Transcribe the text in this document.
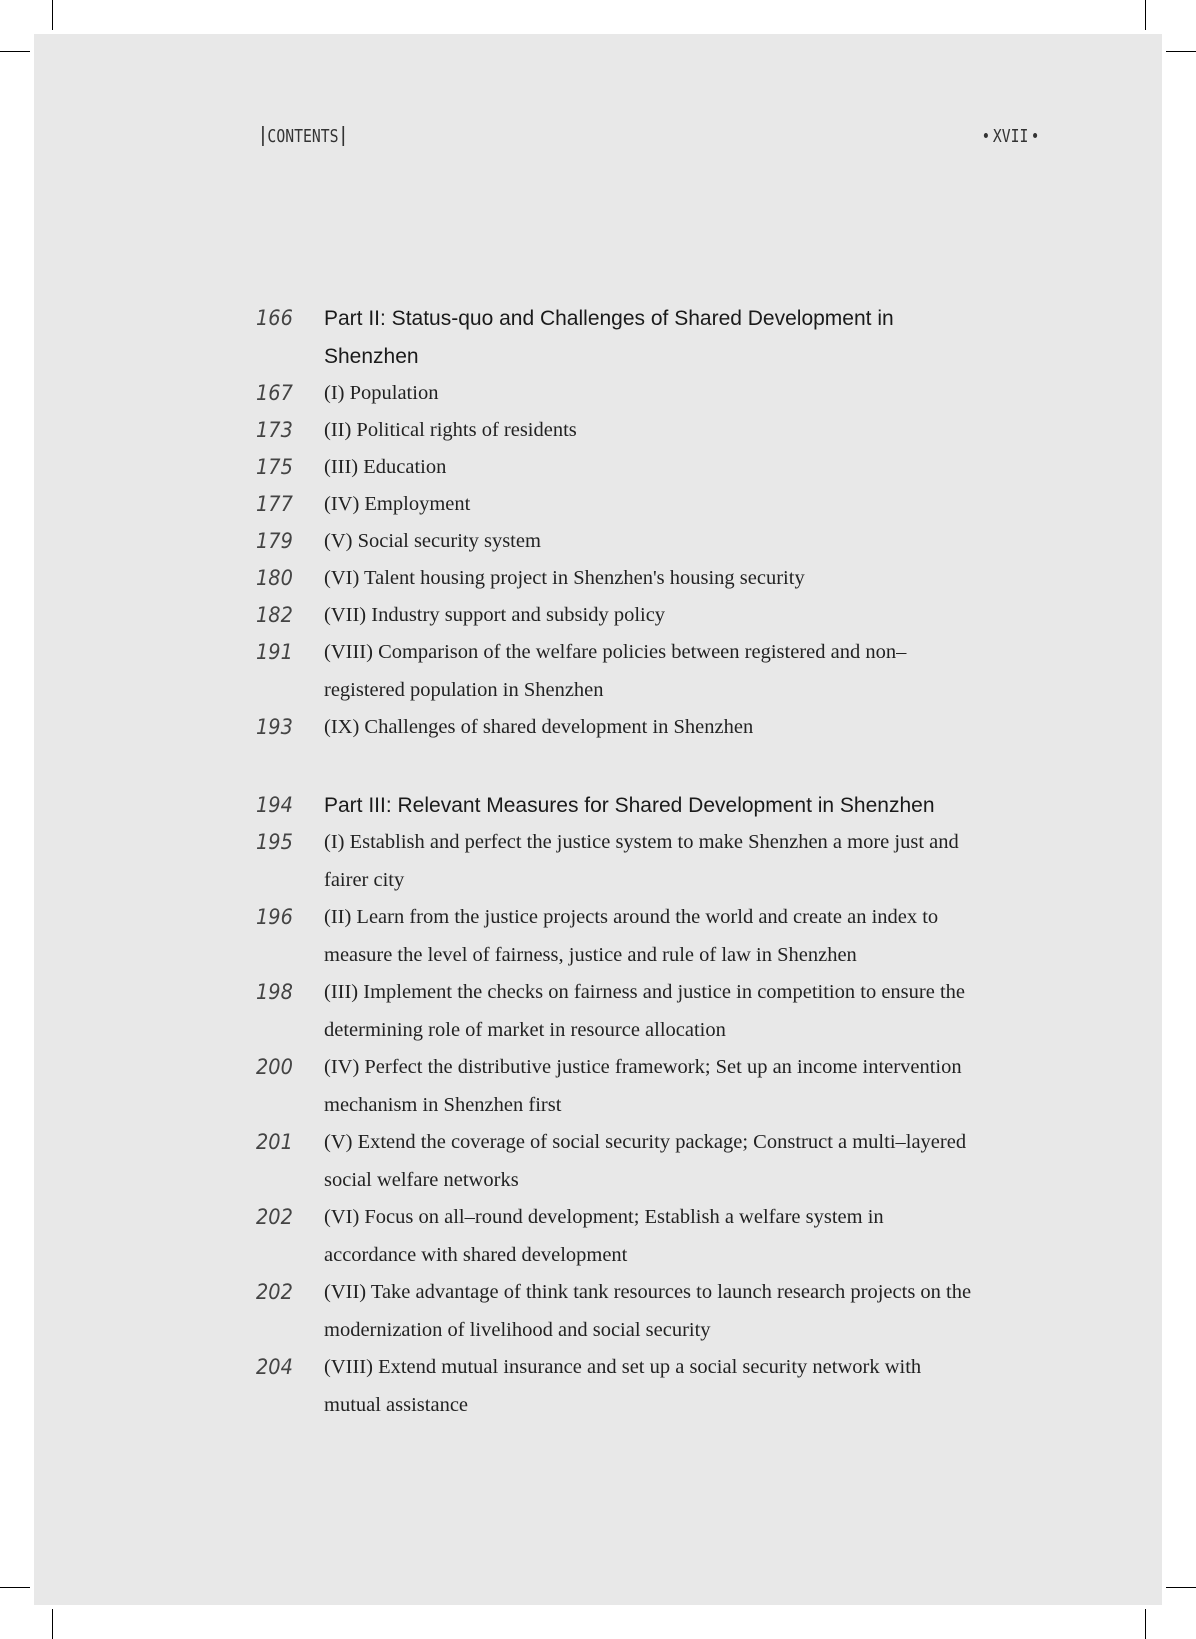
CONTENTS	XVII
166 Part II: Status-quo and Challenges of Shared Development in Shenzhen
167 (I) Population
173 (II) Political rights of residents
175 (III) Education
177 (IV) Employment
179 (V) Social security system
180 (VI) Talent housing project in Shenzhen's housing security
182 (VII) Industry support and subsidy policy
191 (VIII) Comparison of the welfare policies between registered and non–registered population in Shenzhen
193 (IX) Challenges of shared development in Shenzhen
194 Part III: Relevant Measures for Shared Development in Shenzhen
195 (I) Establish and perfect the justice system to make Shenzhen a more just and fairer city
196 (II) Learn from the justice projects around the world and create an index to measure the level of fairness, justice and rule of law in Shenzhen
198 (III) Implement the checks on fairness and justice in competition to ensure the determining role of market in resource allocation
200 (IV) Perfect the distributive justice framework; Set up an income intervention mechanism in Shenzhen first
201 (V) Extend the coverage of social security package; Construct a multi–layered social welfare networks
202 (VI) Focus on all–round development; Establish a welfare system in accordance with shared development
202 (VII) Take advantage of think tank resources to launch research projects on the modernization of livelihood and social security
204 (VIII) Extend mutual insurance and set up a social security network with mutual assistance
